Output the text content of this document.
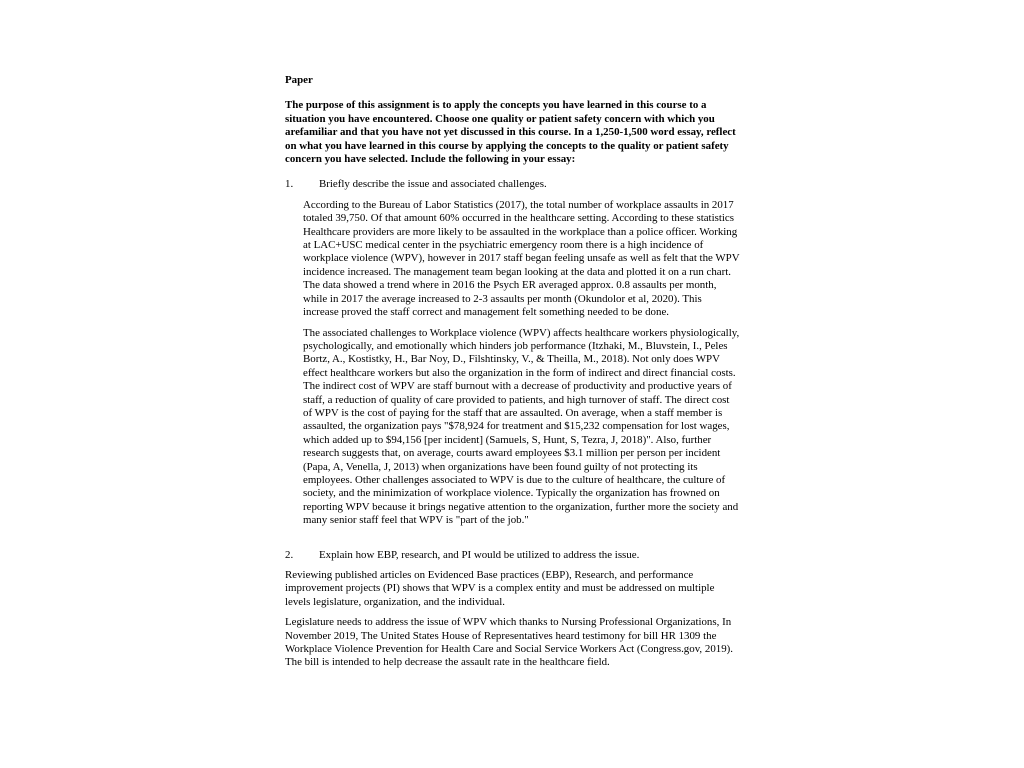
Paper

The purpose of this assignment is to apply the concepts you have learned in this course to a situation you have encountered. Choose one quality or patient safety concern with which you arefamiliar and that you have not yet discussed in this course. In a 1,250-1,500 word essay, reflect on what you have learned in this course by applying the concepts to the quality or patient safety concern you have selected. Include the following in your essay:

1.	Briefly describe the issue and associated challenges.

According to the Bureau of Labor Statistics (2017), the total number of workplace assaults in 2017 totaled 39,750. Of that amount 60% occurred in the healthcare setting. According to these statistics Healthcare providers are more likely to be assaulted in the workplace than a police officer. Working at LAC+USC medical center in the psychiatric emergency room there is a high incidence of workplace violence (WPV), however in 2017 staff began feeling unsafe as well as felt that the WPV incidence increased. The management team began looking at the data and plotted it on a run chart. The data showed a trend where in 2016 the Psych ER averaged approx. 0.8 assaults per month, while in 2017 the average increased to 2-3 assaults per month (Okundolor et al, 2020). This increase proved the staff correct and management felt something needed to be done.

The associated challenges to Workplace violence (WPV) affects healthcare workers physiologically, psychologically, and emotionally which hinders job performance (Itzhaki, M., Bluvstein, I., Peles Bortz, A., Kostistky, H., Bar Noy, D., Filshtinsky, V., & Theilla, M., 2018). Not only does WPV effect healthcare workers but also the organization in the form of indirect and direct financial costs. The indirect cost of WPV are staff burnout with a decrease of productivity and productive years of staff, a reduction of quality of care provided to patients, and high turnover of staff. The direct cost of WPV is the cost of paying for the staff that are assaulted. On average, when a staff member is assaulted, the organization pays "$78,924 for treatment and $15,232 compensation for lost wages, which added up to $94,156 [per incident] (Samuels, S, Hunt, S, Tezra, J, 2018)". Also, further research suggests that, on average, courts award employees $3.1 million per person per incident (Papa, A, Venella, J, 2013) when organizations have been found guilty of not protecting its employees. Other challenges associated to WPV is due to the culture of healthcare, the culture of society, and the minimization of workplace violence. Typically the organization has frowned on reporting WPV because it brings negative attention to the organization, further more the society and many senior staff feel that WPV is "part of the job."

2.	Explain how EBP, research, and PI would be utilized to address the issue.

Reviewing published articles on Evidenced Base practices (EBP), Research, and performance improvement projects (PI) shows that WPV is a complex entity and must be addressed on multiple levels legislature, organization, and the individual.

Legislature needs to address the issue of WPV which thanks to Nursing Professional Organizations, In November 2019, The United States House of Representatives heard testimony for bill HR 1309 the Workplace Violence Prevention for Health Care and Social Service Workers Act (Congress.gov, 2019). The bill is intended to help decrease the assault rate in the healthcare field.
